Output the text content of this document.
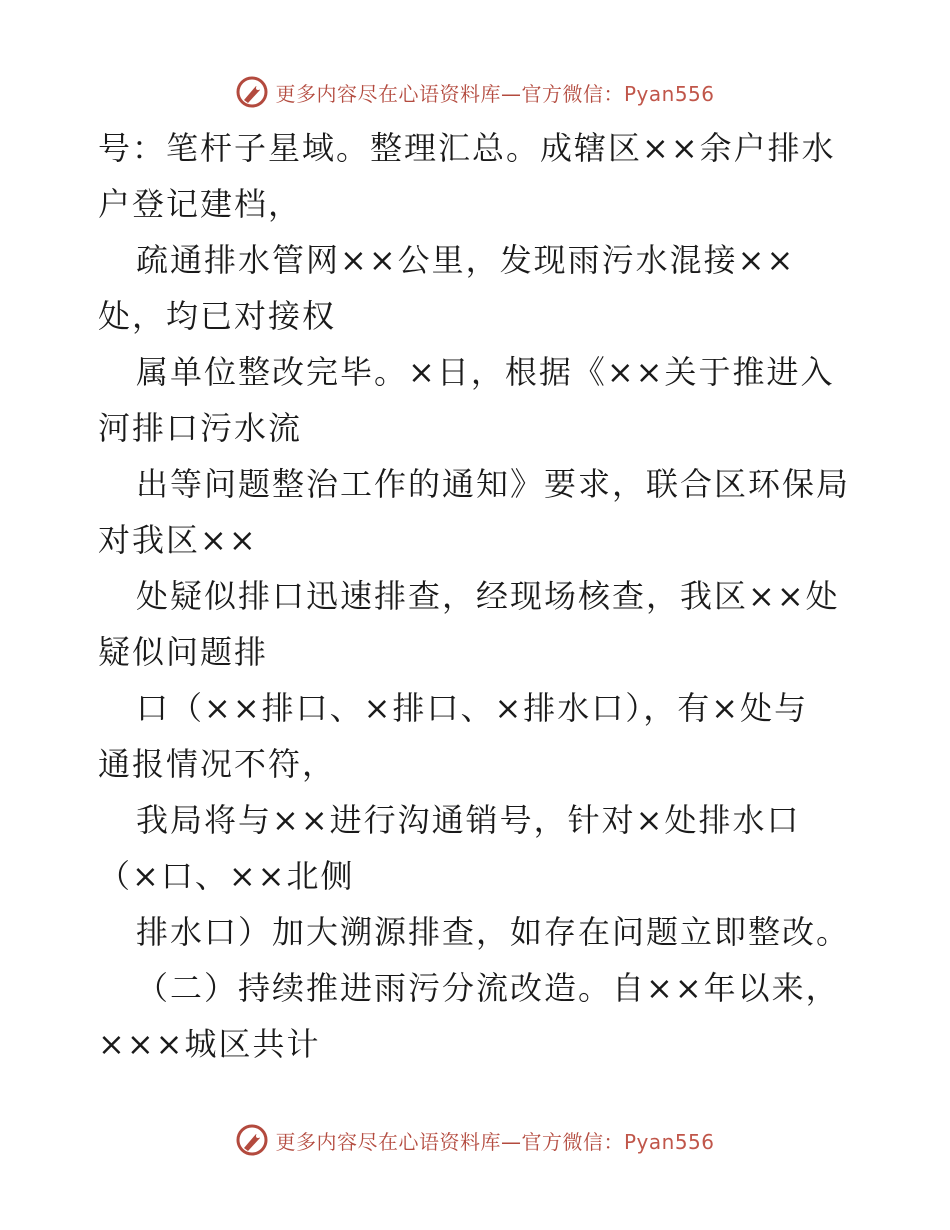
更多内容尽在心语资料库—官方微信：Pyan556
号：笔杆子星域。整理汇总。成辖区××余户排水
户登记建档，
疏通排水管网××公里，发现雨污水混接××
处，均已对接权
属单位整改完毕。×日，根据《××关于推进入
河排口污水流
出等问题整治工作的通知》要求，联合区环保局
对我区××
处疑似排口迅速排查，经现场核查，我区××处
疑似问题排
口（××排口、×排口、×排水口），有×处与
通报情况不符，
我局将与××进行沟通销号，针对×处排水口
（×口、××北侧
排水口）加大溯源排查，如存在问题立即整改。
（二）持续推进雨污分流改造。自××年以来，
×××城区共计
更多内容尽在心语资料库—官方微信：Pyan556
